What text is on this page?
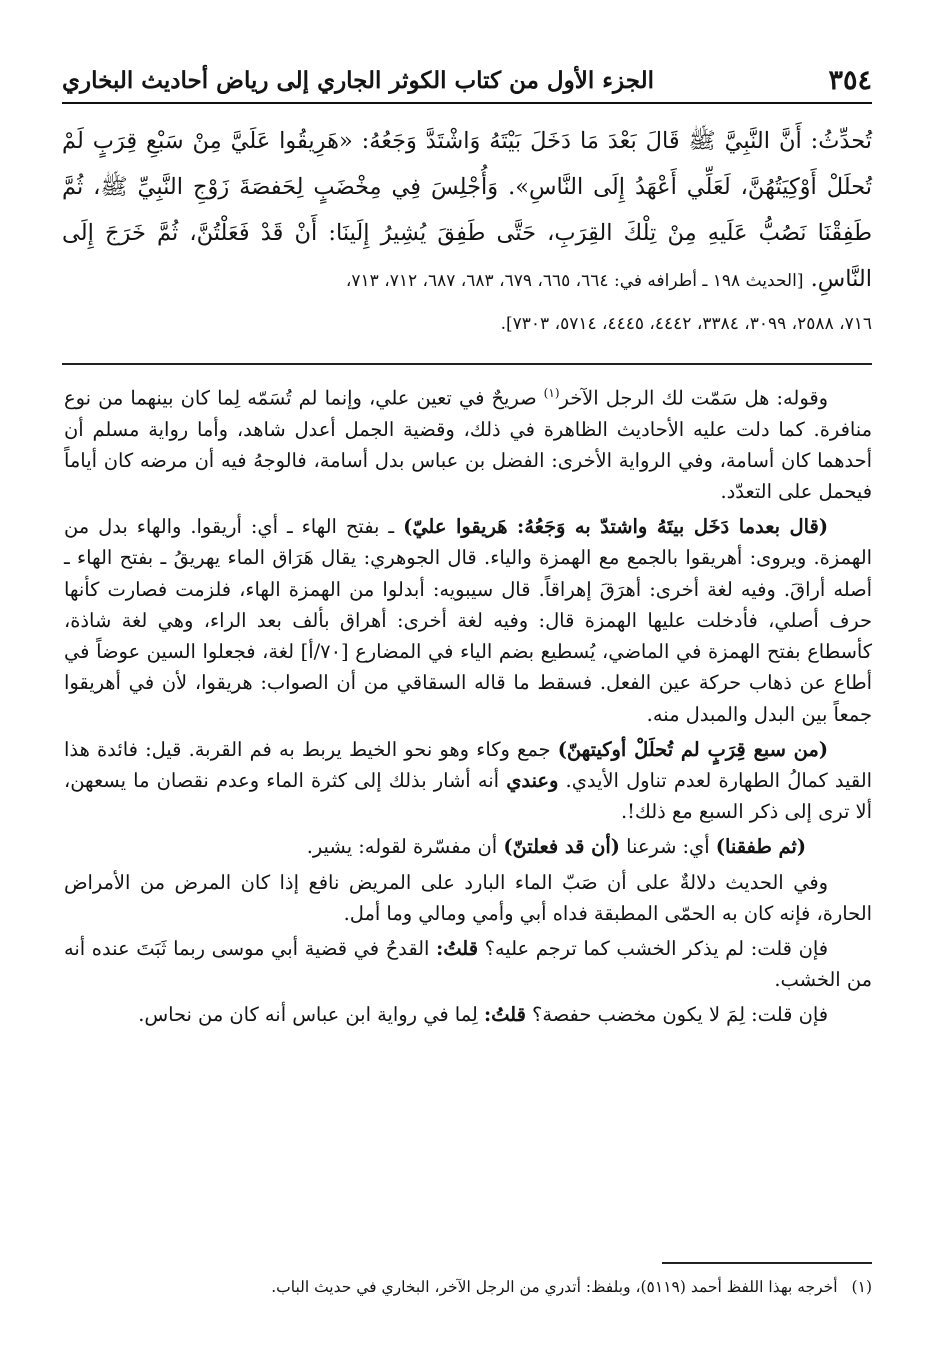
٣٥٤
الجزء الأول من كتاب الكوثر الجاري إلى رياض أحاديث البخاري
تُحدِّثُ: أَنَّ النَّبِيَّ ﷺ قَالَ بَعْدَ مَا دَخَلَ بَيْتَهُ وَاشْتَدَّ وَجَعُهُ: «هَرِيقُوا عَلَيَّ مِنْ سَبْعِ قِرَبٍ لَمْ تُحلَلْ أَوْكِيَتُهُنَّ، لَعَلِّي أَعْهَدُ إِلَى النَّاسِ». وَأُجْلِسَ فِي مِخْضَبٍ لِحَفصَةَ زَوْجِ النَّبِيِّ ﷺ، ثُمَّ طَفِقْنَا نَصُبُّ عَلَيهِ مِنْ تِلْكَ القِرَبِ، حَتَّى طَفِقَ يُشِيرُ إِلَينَا: أَنْ قَدْ فَعَلْتُنَّ، ثُمَّ خَرَجَ إِلَى النَّاسِ. [الحديث ١٩٨ ـ أطرافه في: ٦٦٤، ٦٦٥، ٦٧٩، ٦٨٣، ٦٨٧، ٧١٢، ٧١٣،
٧١٦، ٢٥٨٨، ٣٠٩٩، ٣٣٨٤، ٤٤٤٢، ٤٤٤٥، ٥٧١٤، ٧٣٠٣].

وقوله: هل سَمّت لك الرجل الآخر$^{(١)}$ صريحٌ في تعين علي، وإنما لم تُسَمّه لِما كان بينهما من نوع منافرة. كما دلت عليه الأحاديث الظاهرة في ذلك، وقضية الجمل أعدل شاهد، وأما رواية مسلم أن أحدهما كان أسامة، وفي الرواية الأخرى: الفضل بن عباس بدل أسامة، فالوجهُ فيه أن مرضه كان أياماً فيحمل على التعدّد.

(قال بعدما دَخَل بيتَهُ واشتدّ به وَجَعُهُ: هَريقوا عليّ) ـ بفتح الهاء ـ أي: أريقوا. والهاء بدل من الهمزة. ويروى: أهريقوا بالجمع مع الهمزة والياء. قال الجوهري: يقال هَرَاق الماء يهريقُ ـ بفتح الهاء ـ أصله أراقَ. وفيه لغة أخرى: أهرَقَ إهراقاً. قال سيبويه: أبدلوا من الهمزة الهاء، فلزمت فصارت كأنها حرف أصلي، فأدخلت عليها الهمزة قال: وفيه لغة أخرى: أهراق بألف بعد الراء، وهي لغة شاذة، كأسطاع بفتح الهمزة في الماضي، يُسطيع بضم الياء في المضارع [٧٠/أ] لغة، فجعلوا السين عوضاً في أطاع عن ذهاب حركة عين الفعل. فسقط ما قاله السقاقي من أن الصواب: هريقوا، لأن في أهريقوا جمعاً بين البدل والمبدل منه.

(من سبع قِرَبٍ لم تُحلَلْ أوكيتهنّ) جمع وكاء وهو نحو الخيط يربط به فم القربة. قيل: فائدة هذا القيد كمالُ الطهارة لعدم تناول الأيدي. وعندي أنه أشار بذلك إلى كثرة الماء وعدم نقصان ما يسعهن، ألا ترى إلى ذكر السبع مع ذلك!.

(ثم طفقنا) أي: شرعنا (أن قد فعلتنّ) أن مفسّرة لقوله: يشير.

وفي الحديث دلالةٌ على أن صَبّ الماء البارد على المريض نافع إذا كان المرض من الأمراض الحارة، فإنه كان به الحمّى المطبقة فداه أبي وأمي ومالي وما أمل.

فإن قلت: لم يذكر الخشب كما ترجم عليه؟ قلتُ: القدحُ في قضية أبي موسى ربما ثَبَتَ عنده أنه من الخشب.

فإن قلت: لِمَ لا يكون مخضب حفصة؟ قلتُ: لِما في رواية ابن عباس أنه كان من نحاس.

(١)أخرجه بهذا اللفظ أحمد (٥١١٩)، وبلفظ: أتدري من الرجل الآخر، البخاري في حديث الباب.
